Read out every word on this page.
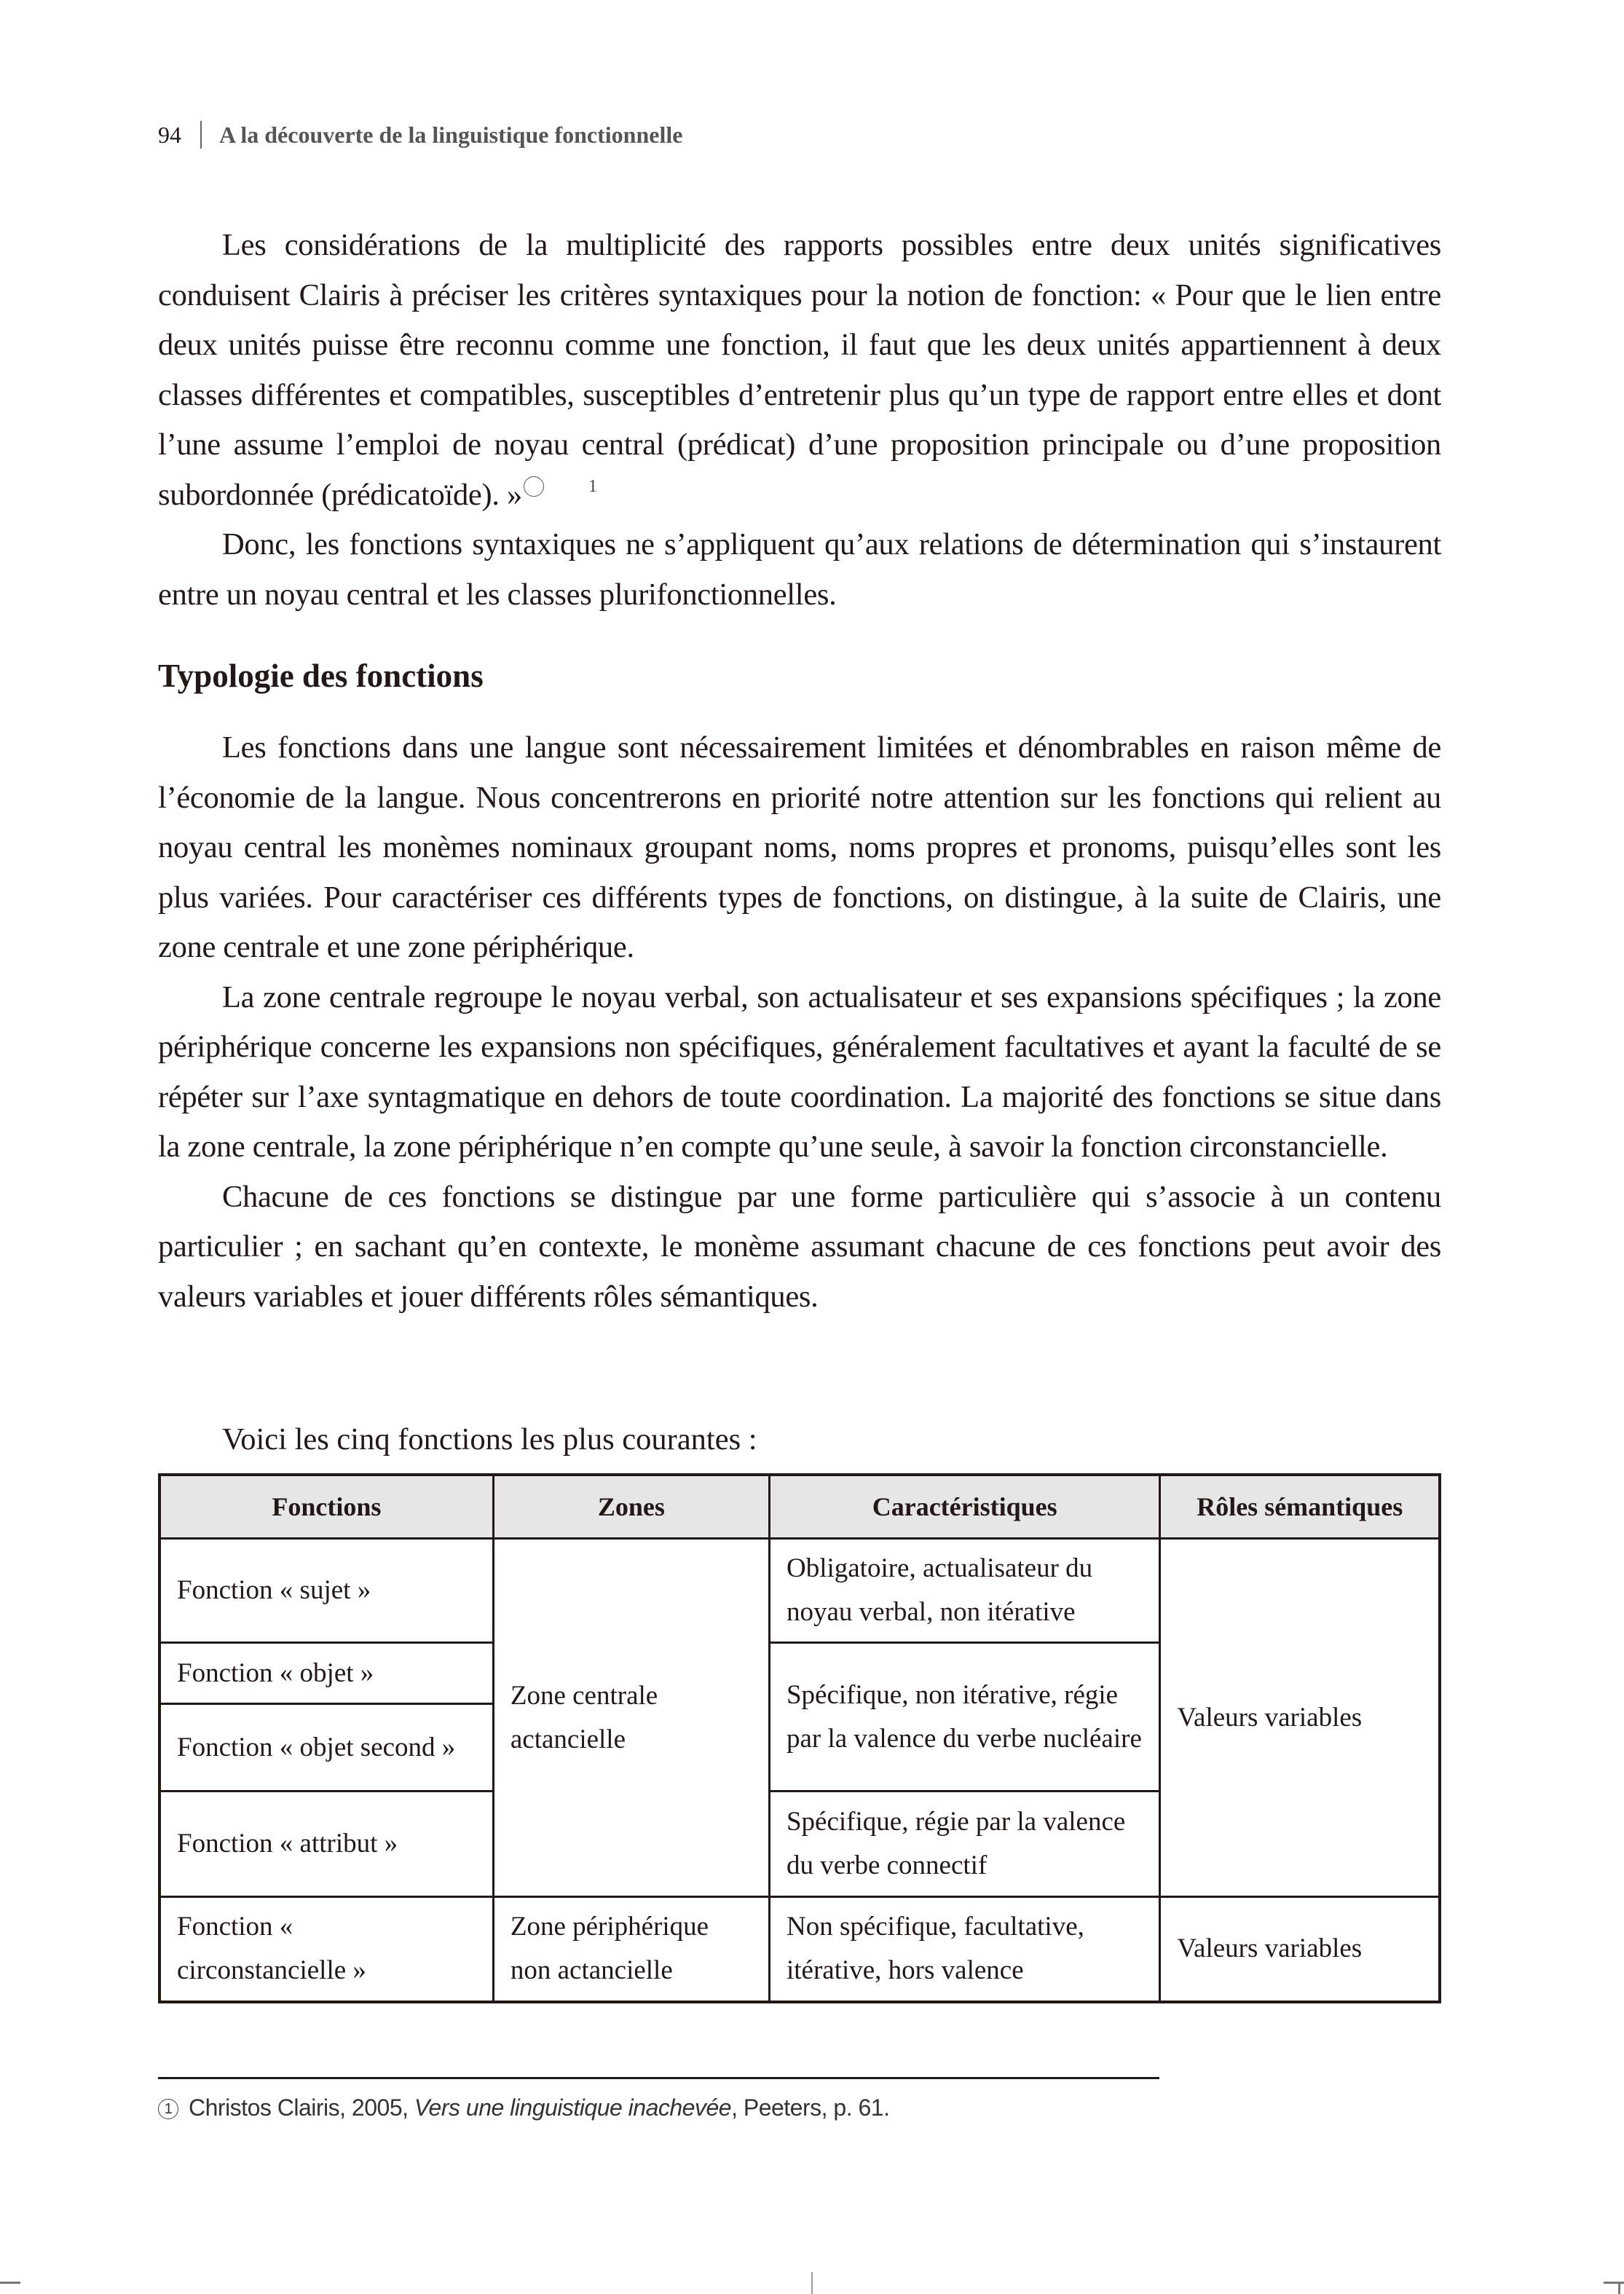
94 A la découverte de la linguistique fonctionnelle

Les considérations de la multiplicité des rapports possibles entre deux unités significatives conduisent Clairis à préciser les critères syntaxiques pour la notion de fonction: « Pour que le lien entre deux unités puisse être reconnu comme une fonction, il faut que les deux unités appartiennent à deux classes différentes et compatibles, susceptibles d’entretenir plus qu’un type de rapport entre elles et dont l’une assume l’emploi de noyau central (prédicat) d’une proposition principale ou d’une proposition subordonnée (prédicatoïde). »	$^1$

Donc, les fonctions syntaxiques ne s’appliquent qu’aux relations de détermination qui s’instaurent entre un noyau central et les classes plurifonctionnelles.

Typologie des fonctions

Les fonctions dans une langue sont nécessairement limitées et dénombrables en raison même de l’économie de la langue. Nous concentrerons en priorité notre attention sur les fonctions qui relient au noyau central les monèmes nominaux groupant noms, noms propres et pronoms, puisqu’elles sont les plus variées. Pour caractériser ces différents types de fonctions, on distingue, à la suite de Clairis, une zone centrale et une zone périphérique.

La zone centrale regroupe le noyau verbal, son actualisateur et ses expansions spécifiques ; la zone périphérique concerne les expansions non spécifiques, généralement facultatives et ayant la faculté de se répéter sur l’axe syntagmatique en dehors de toute coordination. La majorité des fonctions se situe dans la zone centrale, la zone périphérique n’en compte qu’une seule, à savoir la fonction circonstancielle.

Chacune de ces fonctions se distingue par une forme particulière qui s’associe à un contenu particulier ; en sachant qu’en contexte, le monème assumant chacune de ces fonctions peut avoir des valeurs variables et jouer différents rôles sémantiques.

Voici les cinq fonctions les plus courantes :
Fonctions	Zones	Caractéristiques	Rôles sémantiques
Fonction « sujet »	Zone centrale actancielle	Obligatoire, actualisateur du noyau verbal, non itérative	Valeurs variables
Fonction « objet »		Spécifique, non itérative, régie par la valence du verbe nucléaire	
Fonction « objet second »			
Fonction « attribut »		Spécifique, régie par la valence du verbe connectif	

Fonction « circonstancielle »	Zone périphérique non actancielle	Non spécifique, facultative, itérative, hors valence	Valeurs variables
1 Christos Clairis, 2005, Vers une linguistique inachevée, Peeters, p. 61.
